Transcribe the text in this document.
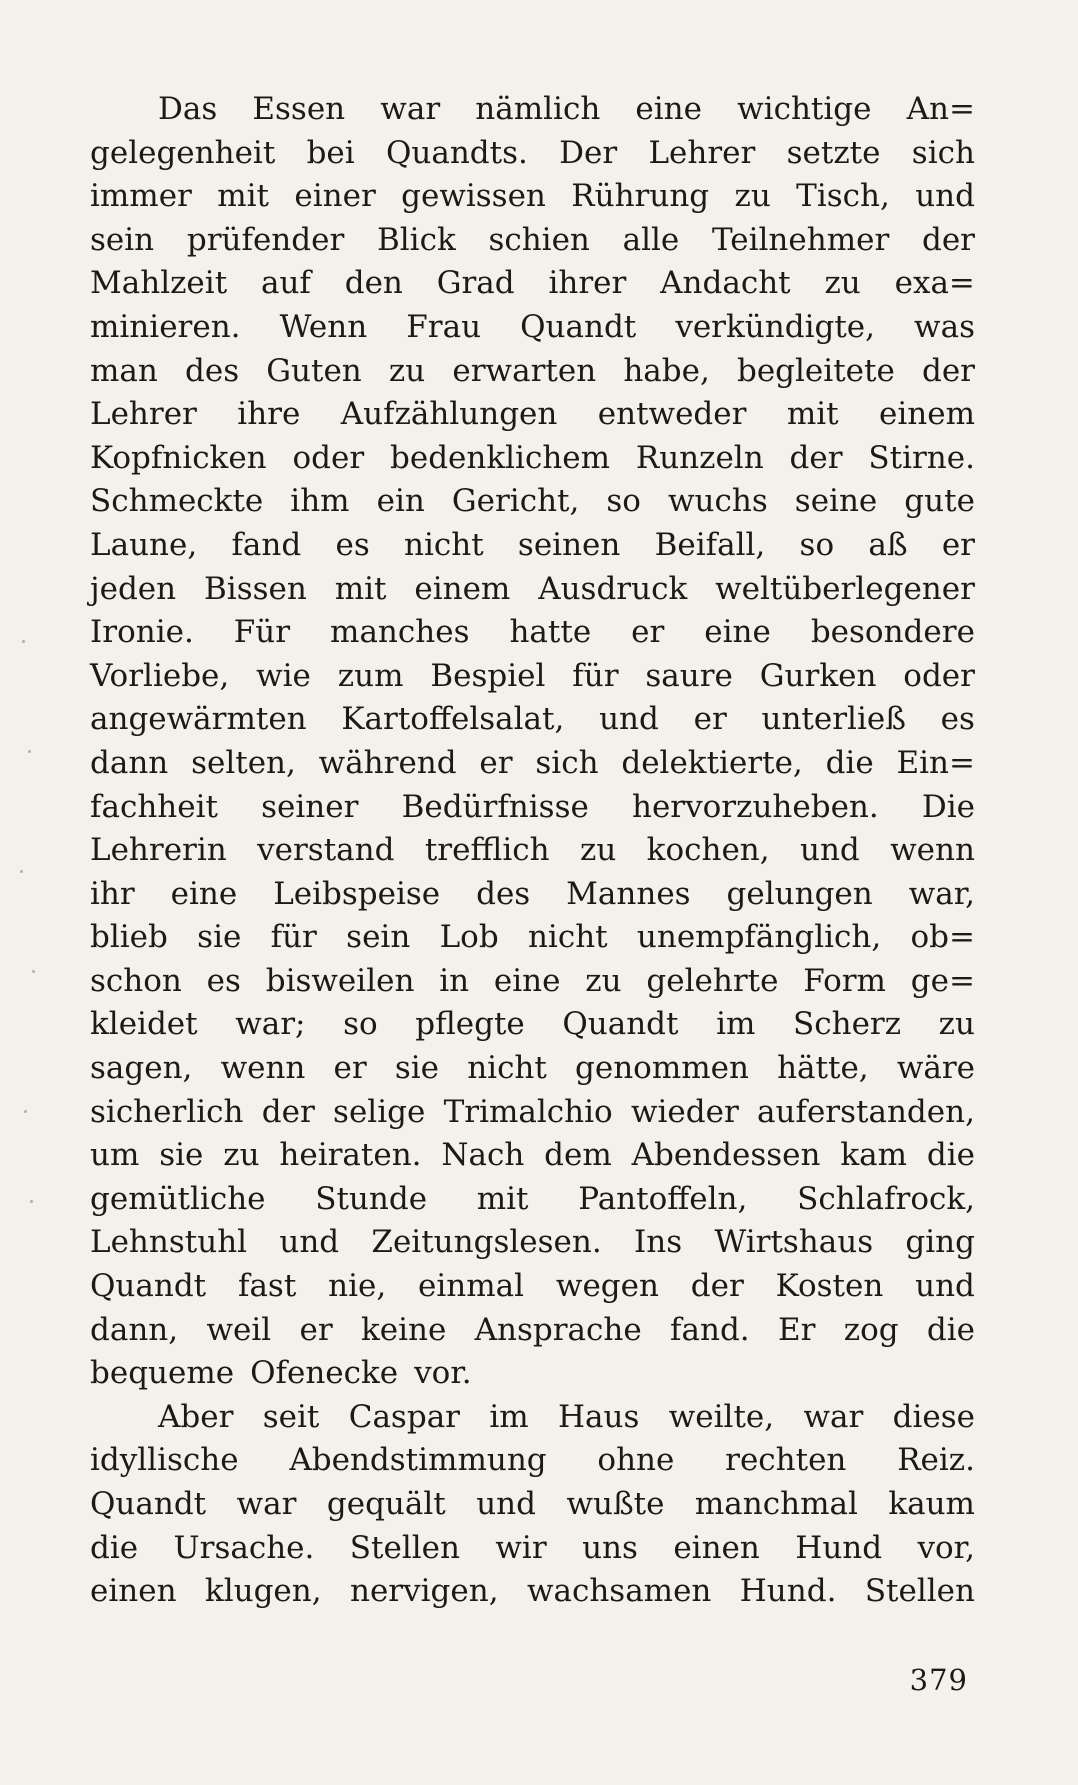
Das Essen war nämlich eine wichtige An=
gelegenheit bei Quandts. Der Lehrer setzte sich
immer mit einer gewissen Rührung zu Tisch, und
sein prüfender Blick schien alle Teilnehmer der
Mahlzeit auf den Grad ihrer Andacht zu exa=
minieren. Wenn Frau Quandt verkündigte, was
man des Guten zu erwarten habe, begleitete der
Lehrer ihre Aufzählungen entweder mit einem
Kopfnicken oder bedenklichem Runzeln der Stirne.
Schmeckte ihm ein Gericht, so wuchs seine gute
Laune, fand es nicht seinen Beifall, so aß er
jeden Bissen mit einem Ausdruck weltüberlegener
Ironie. Für manches hatte er eine besondere
Vorliebe, wie zum Bespiel für saure Gurken oder
angewärmten Kartoffelsalat, und er unterließ es
dann selten, während er sich delektierte, die Ein=
fachheit seiner Bedürfnisse hervorzuheben. Die
Lehrerin verstand trefflich zu kochen, und wenn
ihr eine Leibspeise des Mannes gelungen war,
blieb sie für sein Lob nicht unempfänglich, ob=
schon es bisweilen in eine zu gelehrte Form ge=
kleidet war; so pflegte Quandt im Scherz zu
sagen, wenn er sie nicht genommen hätte, wäre
sicherlich der selige Trimalchio wieder auferstanden,
um sie zu heiraten. Nach dem Abendessen kam die
gemütliche Stunde mit Pantoffeln, Schlafrock,
Lehnstuhl und Zeitungslesen. Ins Wirtshaus ging
Quandt fast nie, einmal wegen der Kosten und
dann, weil er keine Ansprache fand. Er zog die
bequeme Ofenecke vor.
Aber seit Caspar im Haus weilte, war diese
idyllische Abendstimmung ohne rechten Reiz.
Quandt war gequält und wußte manchmal kaum
die Ursache. Stellen wir uns einen Hund vor,
einen klugen, nervigen, wachsamen Hund. Stellen
379
